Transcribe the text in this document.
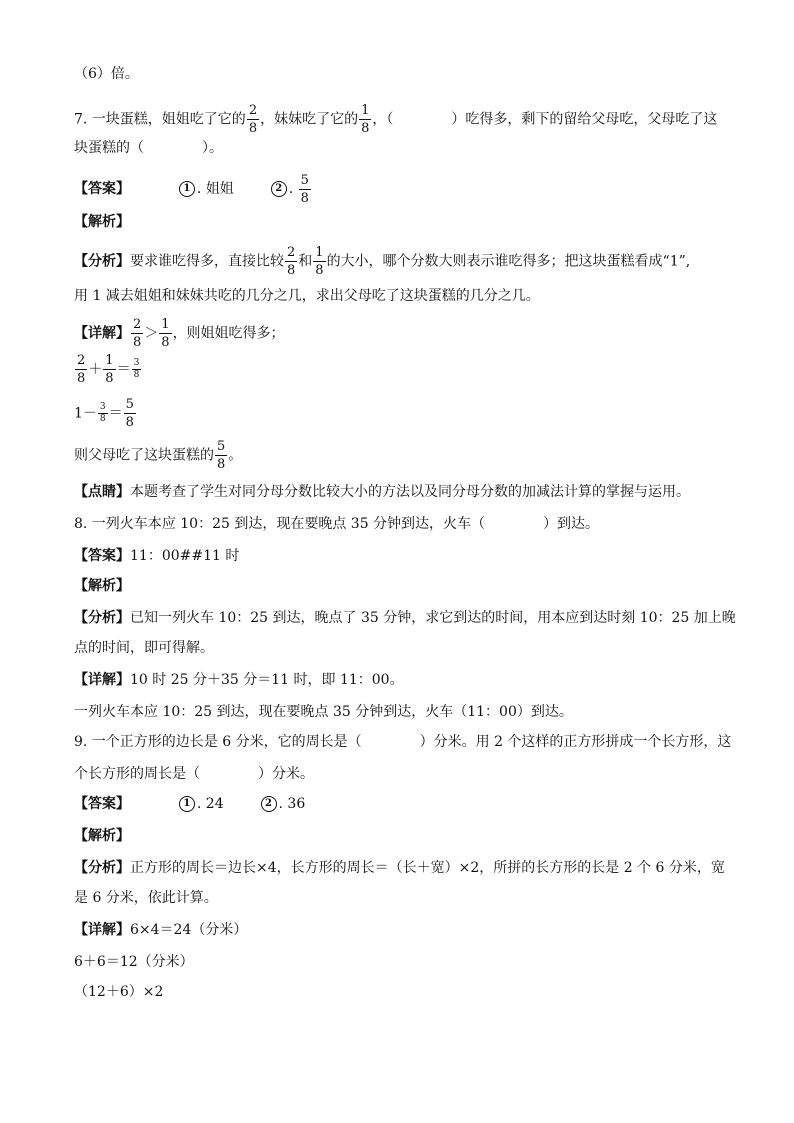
（6）倍。
7. 一块蛋糕，姐姐吃了它的 $\frac{2}{8}$ ，妹妹吃了它的 $\frac{1}{8}$ ，（	）吃得多，剩下的留给父母吃，父母吃了这
块蛋糕的（	）。
【答案】	1 . 姐姐	2 . $\frac{5}{8}$
【解析】
【分析】要求谁吃得多，直接比较 $\frac{2}{8}$ 和 $\frac{1}{8}$ 的大小，哪个分数大则表示谁吃得多；把这块蛋糕看成“1”,
用 1 减去姐姐和妹妹共吃的几分之几，求出父母吃了这块蛋糕的几分之几。
【详解】 $\frac{2}{8} > \frac{1}{8}$ ，则姐姐吃得多；
$\frac{2}{8} + \frac{1}{8} = \frac{3}{8}$
$1- \frac{3}{8} = \frac{5}{8}$
则父母吃了这块蛋糕的 $\frac{5}{8}$ 。
【点睛】本题考查了学生对同分母分数比较大小的方法以及同分母分数的加减法计算的掌握与运用。
8. 一列火车本应 10：25 到达，现在要晚点 35 分钟到达，火车（	）到达。
【答案】11：00##11 时
【解析】
【分析】已知一列火车 10：25 到达，晚点了 35 分钟，求它到达的时间，用本应到达时刻 10：25 加上晚
点的时间，即可得解。
【详解】10 时 25 分＋35 分＝11 时，即 11：00。
一列火车本应 10：25 到达，现在要晚点 35 分钟到达，火车（11：00）到达。
9. 一个正方形的边长是 6 分米，它的周长是（	）分米。用 2 个这样的正方形拼成一个长方形，这
个长方形的周长是（	）分米。
【答案】	1 . 24	2 . 36
【解析】
【分析】正方形的周长＝边长×4，长方形的周长＝（长＋宽）×2，所拼的长方形的长是 2 个 6 分米，宽
是 6 分米，依此计算。
【详解】6×4＝24（分米）
6＋6＝12（分米）
（12＋6）×2
